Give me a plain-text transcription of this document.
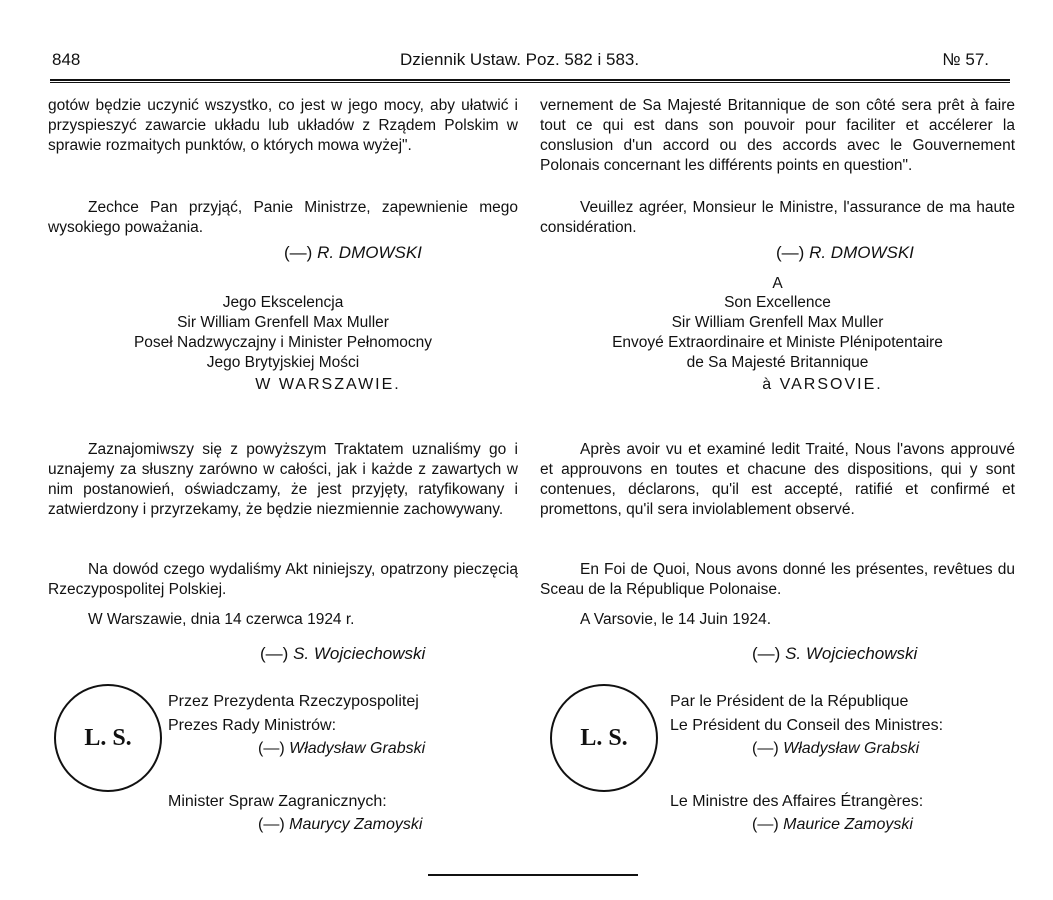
848	Dziennik Ustaw. Poz. 582 i 583.	№ 57.
gotów będzie uczynić wszystko, co jest w jego mocy, aby ułatwić i przyspieszyć zawarcie układu lub układów z Rządem Polskim w sprawie rozmaitych punktów, o których mowa wyżej".
Zechce Pan przyjąć, Panie Ministrze, zapewnienie mego wysokiego poważania.
(—) R. DMOWSKI
Jego Ekscelencja
Sir William Grenfell Max Muller
Poseł Nadzwyczajny i Minister Pełnomocny
Jego Brytyjskiej Mości
W WARSZAWIE.
Zaznajomiwszy się z powyższym Traktatem uznaliśmy go i uznajemy za słuszny zarówno w całości, jak i każde z zawartych w nim postanowień, oświadczamy, że jest przyjęty, ratyfikowany i zatwierdzony i przyrzekamy, że będzie niezmiennie zachowywany.
Na dowód czego wydaliśmy Akt niniejszy, opatrzony pieczęcią Rzeczypospolitej Polskiej.
W Warszawie, dnia 14 czerwca 1924 r.
(—) S. Wojciechowski
L. S.
Przez Prezydenta Rzeczypospolitej
Prezes Rady Ministrów:
(—) Władysław Grabski
Minister Spraw Zagranicznych:
(—) Maurycy Zamoyski
vernement de Sa Majesté Britannique de son côté sera prêt à faire tout ce qui est dans son pouvoir pour faciliter et accélerer la conslusion d'un accord ou des accords avec le Gouvernement Polonais concernant les différents points en question".
Veuillez agréer, Monsieur le Ministre, l'assurance de ma haute considération.
(—) R. DMOWSKI
A
Son Excellence
Sir William Grenfell Max Muller
Envoyé Extraordinaire et Ministe Plénipotentaire
de Sa Majesté Britannique
à VARSOVIE.
Après avoir vu et examiné ledit Traité, Nous l'avons approuvé et approuvons en toutes et chacune des dispositions, qui y sont contenues, déclarons, qu'il est accepté, ratifié et confirmé et promettons, qu'il sera inviolablement observé.
En Foi de Quoi, Nous avons donné les présentes, revêtues du Sceau de la République Polonaise.
A Varsovie, le 14 Juin 1924.
(—) S. Wojciechowski
L. S.
Par le Président de la République
Le Président du Conseil des Ministres:
(—) Władysław Grabski
Le Ministre des Affaires Étrangères:
(—) Maurice Zamoyski
